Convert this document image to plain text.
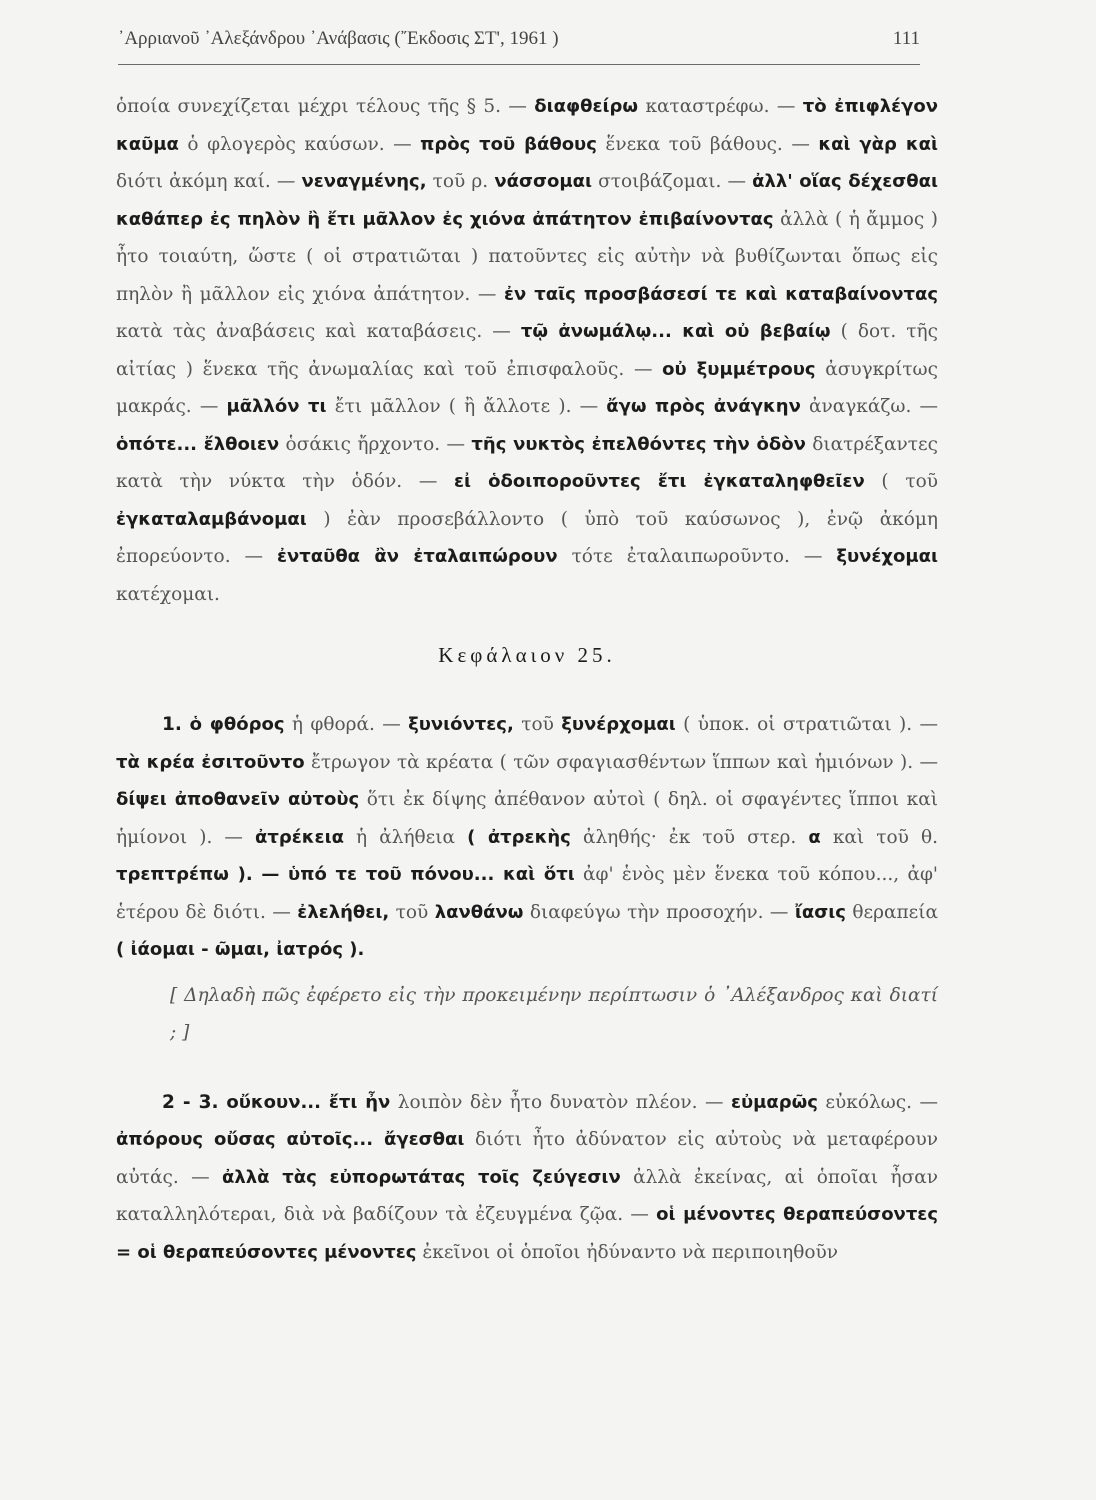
᾿Αρριανοῦ ᾿Αλεξάνδρου ᾿Ανάβασις (῎Εκδοσις ΣΤ', 1961 )	111

ὁποία συνεχίζεται μέχρι τέλους τῆς § 5. — διαφθείρω καταστρέφω. — τὸ ἐπιφλέγον καῦμα ὁ φλογερὸς καύσων. — πρὸς τοῦ βάθους ἕνεκα τοῦ βάθους. — καὶ γὰρ καὶ διότι ἀκόμη καί. — νεναγμένης, τοῦ ρ. νάσσομαι στοιβάζομαι. — ἀλλ' οἵας δέχεσθαι καθάπερ ἐς πηλὸν ἢ ἔτι μᾶλλον ἐς χιόνα ἀπάτητον ἐπιβαίνοντας ἀλλὰ ( ἡ ἄμμος ) ἦτο τοιαύτη, ὥστε ( οἱ στρατιῶται ) πατοῦντες εἰς αὐτὴν νὰ βυθίζωνται ὅπως εἰς πηλὸν ἢ μᾶλλον εἰς χιόνα ἀπάτητον. — ἐν ταῖς προσβάσεσί τε καὶ καταβαίνοντας κατὰ τὰς ἀναβάσεις καὶ καταβάσεις. — τῷ ἀνωμάλῳ... καὶ οὐ βεβαίῳ ( δοτ. τῆς αἰτίας ) ἕνεκα τῆς ἀνωμαλίας καὶ τοῦ ἐπισφαλοῦς. — οὐ ξυμμέτρους ἀσυγκρίτως μακράς. — μᾶλλόν τι ἔτι μᾶλλον ( ἢ ἄλλοτε ). — ἄγω πρὸς ἀνάγκην ἀναγκάζω. — ὁπότε... ἔλθοιεν ὁσάκις ἤρχοντο. — τῆς νυκτὸς ἐπελθόντες τὴν ὁδὸν διατρέξαντες κατὰ τὴν νύκτα τὴν ὁδόν. — εἰ ὁδοιποροῦντες ἔτι ἐγκαταληφθεῖεν ( τοῦ ἐγκαταλαμβάνομαι ) ἐὰν προσεβάλλοντο ( ὑπὸ τοῦ καύσωνος ), ἐνῷ ἀκόμη ἐπορεύοντο. — ἐνταῦθα ἂν ἐταλαιπώρουν τότε ἐταλαιπωροῦντο. — ξυνέχομαι κατέχομαι.

Κεφάλαιον 25.

1. ὁ φθόρος ἡ φθορά. — ξυνιόντες, τοῦ ξυνέρχομαι ( ὑποκ. οἱ στρατιῶται ). — τὰ κρέα ἐσιτοῦντο ἔτρωγον τὰ κρέατα ( τῶν σφαγιασθέντων ἵππων καὶ ἡμιόνων ). — δίψει ἀποθανεῖν αὐτοὺς ὅτι ἐκ δίψης ἀπέθανον αὐτοὶ ( δηλ. οἱ σφαγέντες ἵπποι καὶ ἡμίονοι ). — ἀτρέκεια ἡ ἀλήθεια ( ἀτρεκὴς ἀληθής· ἐκ τοῦ στερ. α καὶ τοῦ θ. τρεπτρέπω ). — ὑπό τε τοῦ πόνου... καὶ ὅτι ἀφ' ἑνὸς μὲν ἕνεκα τοῦ κόπου..., ἀφ' ἑτέρου δὲ διότι. — ἐλελήθει, τοῦ λανθάνω διαφεύγω τὴν προσοχήν. — ἴασις θεραπεία ( ἰάομαι - ῶμαι, ἰατρός ).

[ Δηλαδὴ πῶς ἐφέρετο εἰς τὴν προκειμένην περίπτωσιν ὁ ᾿Αλέξανδρος καὶ διατί ; ]

2 - 3. οὔκουν... ἔτι ἦν λοιπὸν δὲν ἦτο δυνατὸν πλέον. — εὐμαρῶς εὐκόλως. — ἀπόρους οὔσας αὐτοῖς... ἄγεσθαι διότι ἦτο ἀδύνατον εἰς αὐτοὺς νὰ μεταφέρουν αὐτάς. — ἀλλὰ τὰς εὐπορωτάτας τοῖς ζεύγεσιν ἀλλὰ ἐκείνας, αἱ ὁποῖαι ἦσαν καταλληλότεραι, διὰ νὰ βαδίζουν τὰ ἐζευγμένα ζῷα. — οἱ μένοντες θεραπεύσοντες = οἱ θεραπεύσοντες μένοντες ἐκεῖνοι οἱ ὁποῖοι ἠδύναντο νὰ περιποιηθοῦν
